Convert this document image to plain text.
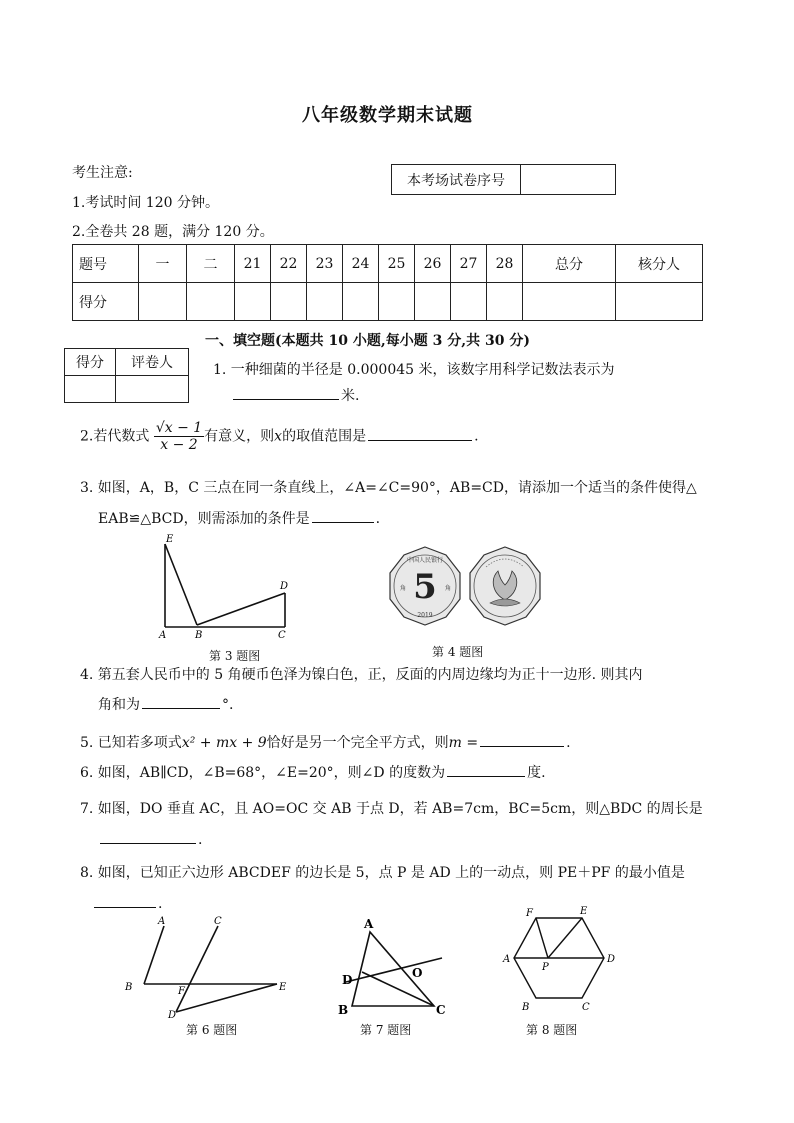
八年级数学期末试题
考生注意:
1.考试时间 120 分钟。
2.全卷共 28 题，满分 120 分。
本考场试卷序号	
题号	一	二	21	22	23	24	25	26	27	28	总分	核分人
得分												
一、填空题(本题共 10 小题,每小题 3 分,共 30 分)
得分	评卷人
		1. 一种细菌的半径是 0.000045 米，该数字用科学记数法表示为
米.
2.若代数式 $\frac{√x - 1}{x - 2}$ 有意义，则x的取值范围是	.
3. 如图，A，B，C 三点在同一条直线上，∠A=∠C=90°，AB=CD，请添加一个适当的条件使得△
EAB≌△BCD，则需添加的条件是	.
E
D
A	B	C
第 3 题图
5
中国人民银行
角	角
2019
第 4 题图
4. 第五套人民币中的 5 角硬币色泽为镍白色，正，反面的内周边缘均为正十一边形. 则其内
角和为	°.
5. 已知若多项式x² + mx + 9恰好是另一个完全平方式，则m =	.
6. 如图，AB∥CD，∠B=68°，∠E=20°，则∠D 的度数为	度.
7. 如图，DO 垂直 AC，且 AO=OC 交 AB 于点 D，若 AB=7cm，BC=5cm，则△BDC 的周长是
.
8. 如图，已知正六边形 ABCDEF 的边长是 5，点 P 是 AD 上的一动点，则 PE＋PF 的最小值是
.
A	C
B	F	E
D
第 6 题图
A
D	O
B	C
第 7 题图
F	E
A
P
D
B	C
第 8 题图
